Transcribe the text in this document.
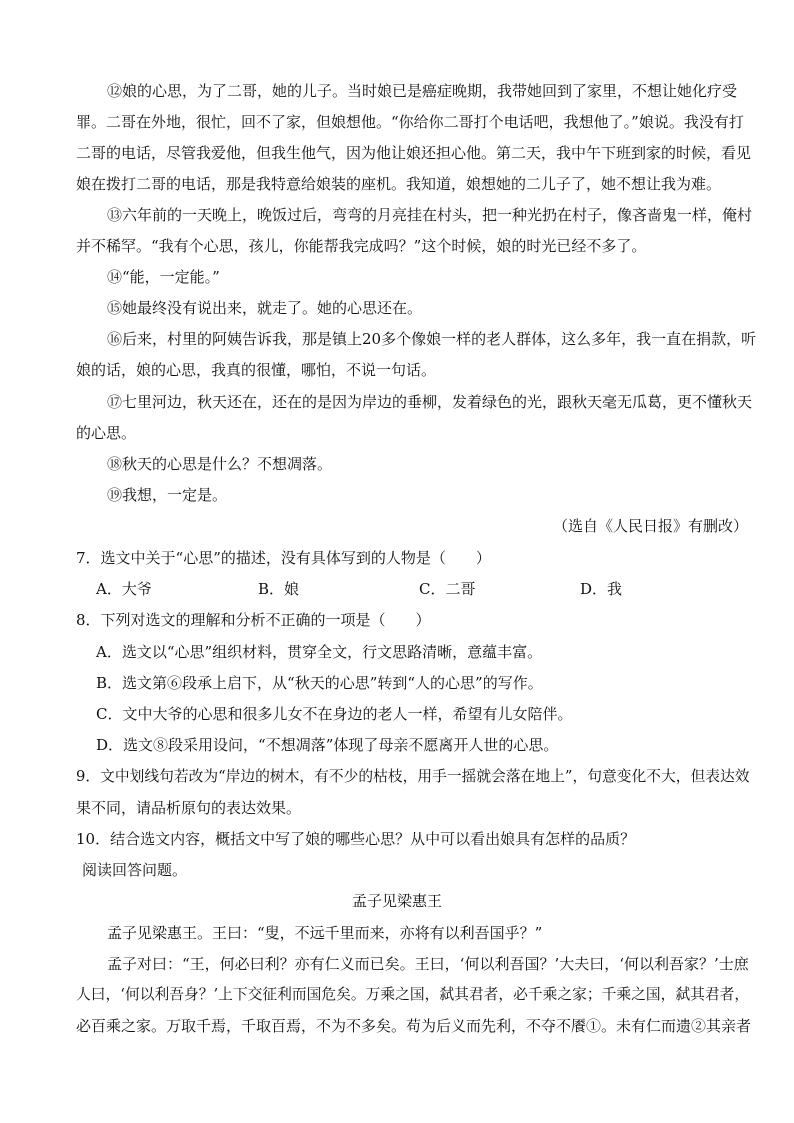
⑫娘的心思，为了二哥，她的儿子。当时娘已是癌症晚期，我带她回到了家里，不想让她化疗受
罪。二哥在外地，很忙，回不了家，但娘想他。“你给你二哥打个电话吧，我想他了。”娘说。我没有打
二哥的电话，尽管我爱他，但我生他气，因为他让娘还担心他。第二天，我中午下班到家的时候，看见
娘在拨打二哥的电话，那是我特意给娘装的座机。我知道，娘想她的二儿子了，她不想让我为难。
⑬六年前的一天晚上，晚饭过后，弯弯的月亮挂在村头，把一种光扔在村子，像吝啬鬼一样，俺村
并不稀罕。“我有个心思，孩儿，你能帮我完成吗？”这个时候，娘的时光已经不多了。
⑭“能，一定能。”
⑮她最终没有说出来，就走了。她的心思还在。
⑯后来，村里的阿姨告诉我，那是镇上20多个像娘一样的老人群体，这么多年，我一直在捐款，听
娘的话，娘的心思，我真的很懂，哪怕，不说一句话。
⑰七里河边，秋天还在，还在的是因为岸边的垂柳，发着绿色的光，跟秋天毫无瓜葛，更不懂秋天
的心思。
⑱秋天的心思是什么？不想凋落。
⑲我想，一定是。
（选自《人民日报》有删改）
7．选文中关于“心思”的描述，没有具体写到的人物是（　　）
A．大爷	B．娘	C．二哥	D．我
8．下列对选文的理解和分析不正确的一项是（　　）
A．选文以“心思”组织材料，贯穿全文，行文思路清晰，意蕴丰富。
B．选文第⑥段承上启下，从“秋天的心思”转到“人的心思”的写作。
C．文中大爷的心思和很多儿女不在身边的老人一样，希望有儿女陪伴。
D．选文⑧段采用设问，“不想凋落”体现了母亲不愿离开人世的心思。
9．文中划线句若改为“岸边的树木，有不少的枯枝，用手一摇就会落在地上”，句意变化不大，但表达效
果不同，请品析原句的表达效果。
10．结合选文内容，概括文中写了娘的哪些心思？从中可以看出娘具有怎样的品质？
阅读回答问题。
孟子见梁惠王
孟子见梁惠王。王曰：“叟，不远千里而来，亦将有以利吾国乎？”
孟子对曰：“王，何必曰利？亦有仁义而已矣。王曰，‘何以利吾国？’大夫曰，‘何以利吾家？’士庶
人曰，‘何以利吾身？’上下交征利而国危矣。万乘之国，弑其君者，必千乘之家；千乘之国，弑其君者，
必百乘之家。万取千焉，千取百焉，不为不多矣。苟为后义而先利，不夺不餍①。未有仁而遗②其亲者
